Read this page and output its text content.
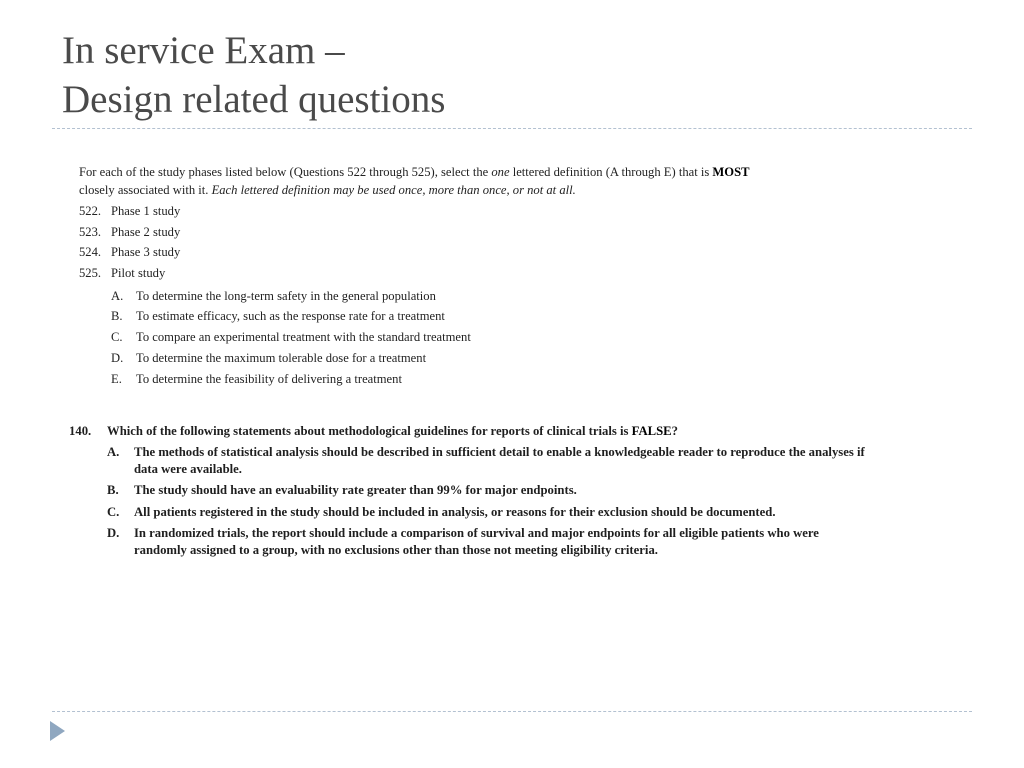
In service Exam –
Design related questions

For each of the study phases listed below (Questions 522 through 525), select the one lettered definition (A through E) that is MOST closely associated with it. Each lettered definition may be used once, more than once, or not at all.

522. Phase 1 study
523. Phase 2 study
524. Phase 3 study
525. Pilot study
A. To determine the long-term safety in the general population
B. To estimate efficacy, such as the response rate for a treatment
C. To compare an experimental treatment with the standard treatment
D. To determine the maximum tolerable dose for a treatment
E. To determine the feasibility of delivering a treatment
140. Which of the following statements about methodological guidelines for reports of clinical trials is FALSE?
A.	The methods of statistical analysis should be described in sufficient detail to enable a knowledgeable reader to reproduce the analyses if data were available.
B.	The study should have an evaluability rate greater than 99% for major endpoints.
C.	All patients registered in the study should be included in analysis, or reasons for their exclusion should be documented.
D.	In randomized trials, the report should include a comparison of survival and major endpoints for all eligible patients who were randomly assigned to a group, with no exclusions other than those not meeting eligibility criteria.
